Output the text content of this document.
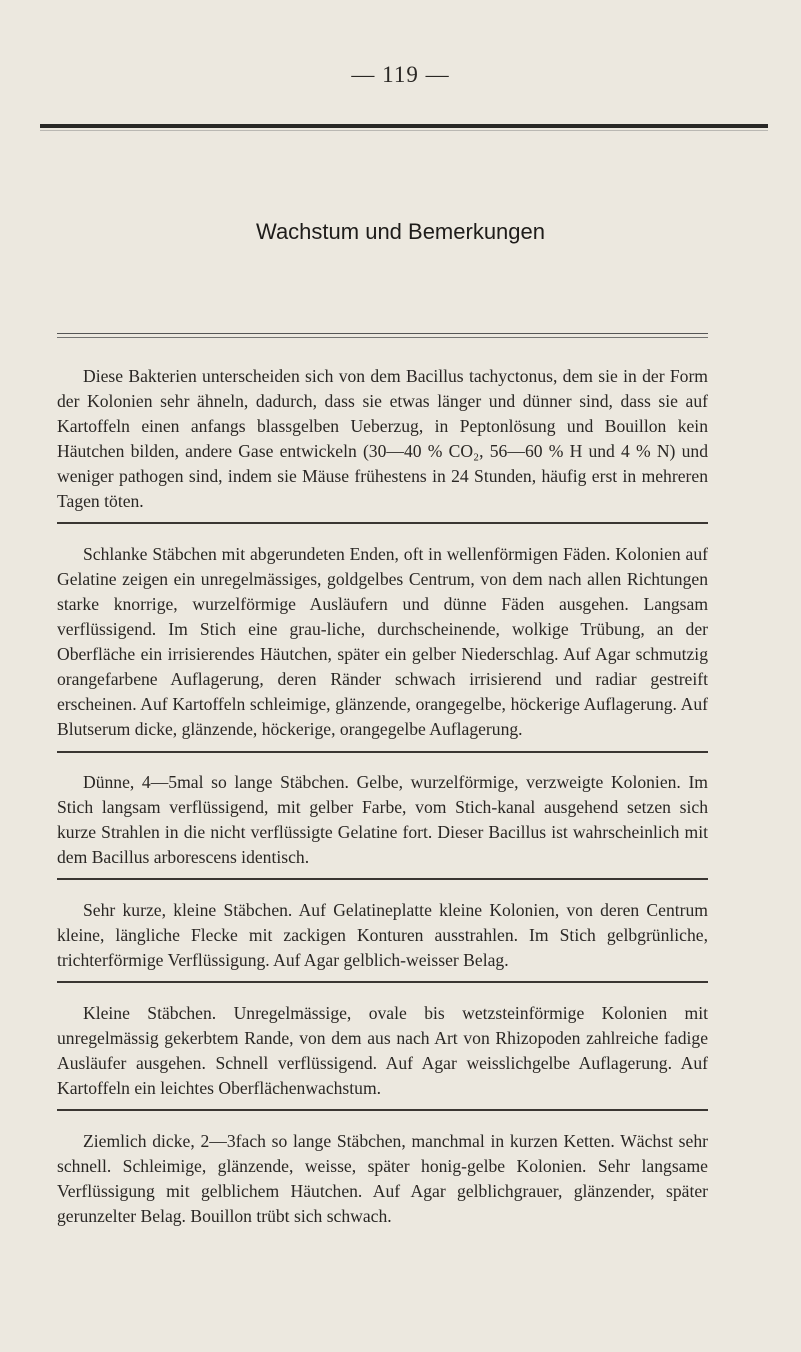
— 119 —
Wachstum und Bemerkungen

Diese Bakterien unterscheiden sich von dem Bacillus tachyctonus, dem sie in der Form der Kolonien sehr ähneln, dadurch, dass sie etwas länger und dünner sind, dass sie auf Kartoffeln einen anfangs blassgelben Ueberzug, in Peptonlösung und Bouillon kein Häutchen bilden, andere Gase entwickeln (30—40 % CO₂, 56—60 % H und 4 % N) und weniger pathogen sind, indem sie Mäuse frühestens in 24 Stunden, häufig erst in mehreren Tagen töten.

Schlanke Stäbchen mit abgerundeten Enden, oft in wellenförmigen Fäden. Kolonien auf Gelatine zeigen ein unregelmässiges, goldgelbes Centrum, von dem nach allen Richtungen starke knorrige, wurzelförmige Ausläufern und dünne Fäden ausgehen. Langsam verflüssigend. Im Stich eine grau-liche, durchscheinende, wolkige Trübung, an der Oberfläche ein irrisierendes Häutchen, später ein gelber Niederschlag. Auf Agar schmutzig orangefarbene Auflagerung, deren Ränder schwach irrisierend und radiar gestreift erscheinen. Auf Kartoffeln schleimige, glänzende, orangegelbe, höckerige Auflagerung. Auf Blutserum dicke, glänzende, höckerige, orangegelbe Auflagerung.

Dünne, 4—5mal so lange Stäbchen. Gelbe, wurzelförmige, verzweigte Kolonien. Im Stich langsam verflüssigend, mit gelber Farbe, vom Stich-kanal ausgehend setzen sich kurze Strahlen in die nicht verflüssigte Gelatine fort. Dieser Bacillus ist wahrscheinlich mit dem Bacillus arborescens identisch.

Sehr kurze, kleine Stäbchen. Auf Gelatineplatte kleine Kolonien, von deren Centrum kleine, längliche Flecke mit zackigen Konturen ausstrahlen. Im Stich gelbgrünliche, trichterförmige Verflüssigung. Auf Agar gelblich-weisser Belag.

Kleine Stäbchen. Unregelmässige, ovale bis wetzsteinförmige Kolonien mit unregelmässig gekerbtem Rande, von dem aus nach Art von Rhizopoden zahlreiche fadige Ausläufer ausgehen. Schnell verflüssigend. Auf Agar weisslichgelbe Auflagerung. Auf Kartoffeln ein leichtes Oberflächenwachstum.

Ziemlich dicke, 2—3fach so lange Stäbchen, manchmal in kurzen Ketten. Wächst sehr schnell. Schleimige, glänzende, weisse, später honig-gelbe Kolonien. Sehr langsame Verflüssigung mit gelblichem Häutchen. Auf Agar gelblichgrauer, glänzender, später gerunzelter Belag. Bouillon trübt sich schwach.
